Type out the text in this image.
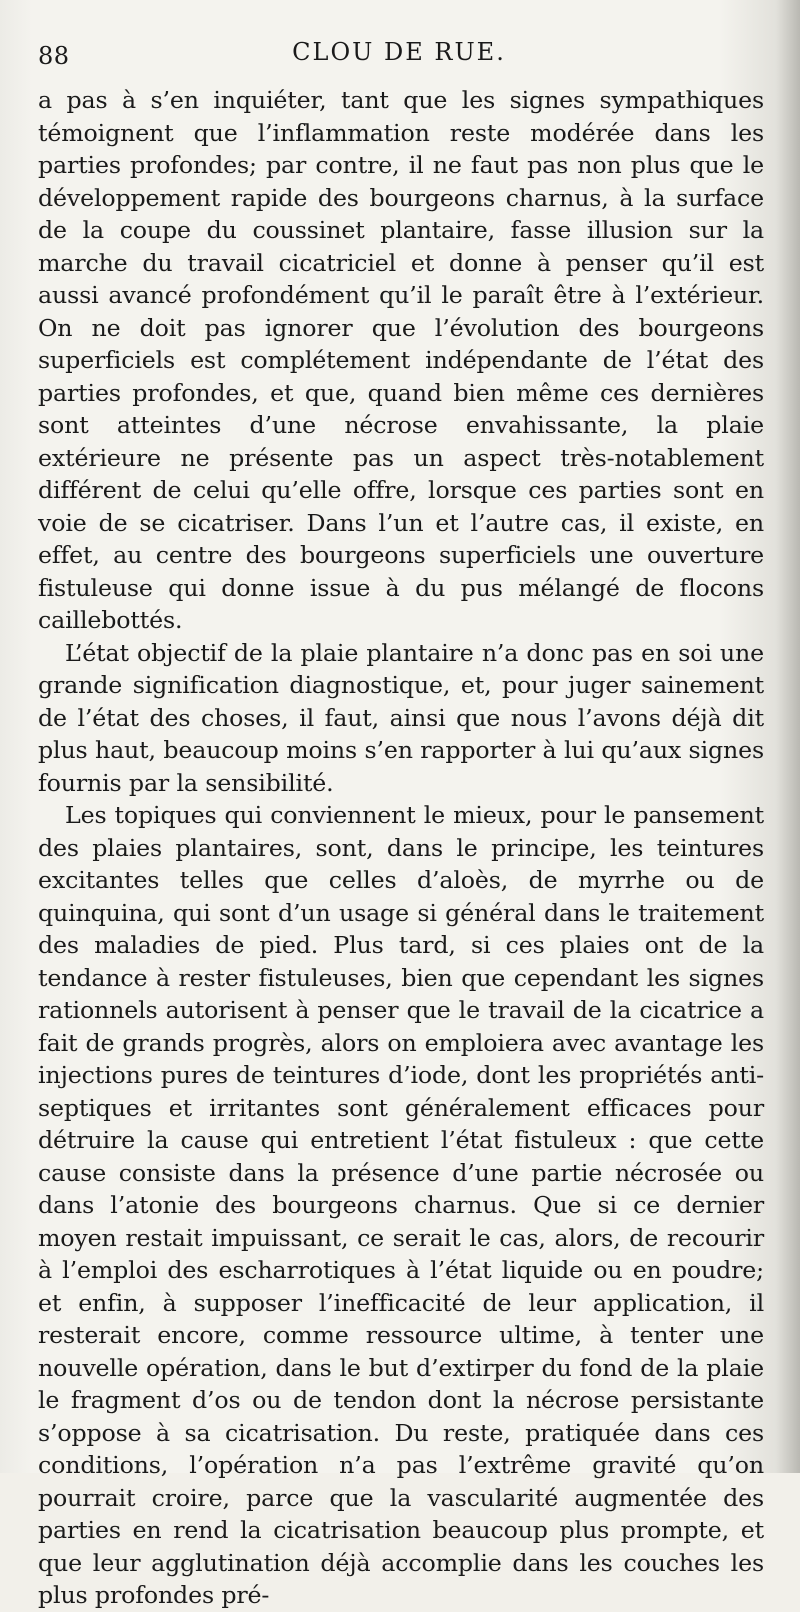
88	CLOU DE RUE.

a pas à s’en inquiéter, tant que les signes sympathiques témoignent que l’inflammation reste modérée dans les parties profondes; par contre, il ne faut pas non plus que le développement rapide des bourgeons charnus, à la surface de la coupe du coussinet plantaire, fasse illusion sur la marche du travail cicatriciel et donne à penser qu’il est aussi avancé profondément qu’il le paraît être à l’extérieur. On ne doit pas ignorer que l’évolution des bourgeons superficiels est complétement indépendante de l’état des parties profondes, et que, quand bien même ces dernières sont atteintes d’une nécrose envahissante, la plaie extérieure ne présente pas un aspect très-notablement différent de celui qu’elle offre, lorsque ces parties sont en voie de se cicatriser. Dans l’un et l’autre cas, il existe, en effet, au centre des bourgeons superficiels une ouverture fistuleuse qui donne issue à du pus mélangé de flocons caillebottés.

L’état objectif de la plaie plantaire n’a donc pas en soi une grande signification diagnostique, et, pour juger sainement de l’état des choses, il faut, ainsi que nous l’avons déjà dit plus haut, beaucoup moins s’en rapporter à lui qu’aux signes fournis par la sensibilité.

Les topiques qui conviennent le mieux, pour le pansement des plaies plantaires, sont, dans le principe, les teintures excitantes telles que celles d’aloès, de myrrhe ou de quinquina, qui sont d’un usage si général dans le traitement des maladies de pied. Plus tard, si ces plaies ont de la tendance à rester fistuleuses, bien que cependant les signes rationnels autorisent à penser que le travail de la cicatrice a fait de grands progrès, alors on emploiera avec avantage les injections pures de teintures d’iode, dont les propriétés anti-septiques et irritantes sont généralement efficaces pour détruire la cause qui entretient l’état fistuleux : que cette cause consiste dans la présence d’une partie nécrosée ou dans l’atonie des bourgeons charnus. Que si ce dernier moyen restait impuissant, ce serait le cas, alors, de recourir à l’emploi des escharrotiques à l’état liquide ou en poudre; et enfin, à supposer l’inefficacité de leur application, il resterait encore, comme ressource ultime, à tenter une nouvelle opération, dans le but d’extirper du fond de la plaie le fragment d’os ou de tendon dont la nécrose persistante s’oppose à sa cicatrisation. Du reste, pratiquée dans ces conditions, l’opération n’a pas l’extrême gravité qu’on pourrait croire, parce que la vascularité augmentée des parties en rend la cicatrisation beaucoup plus prompte, et que leur agglutination déjà accomplie dans les couches les plus profondes pré-
